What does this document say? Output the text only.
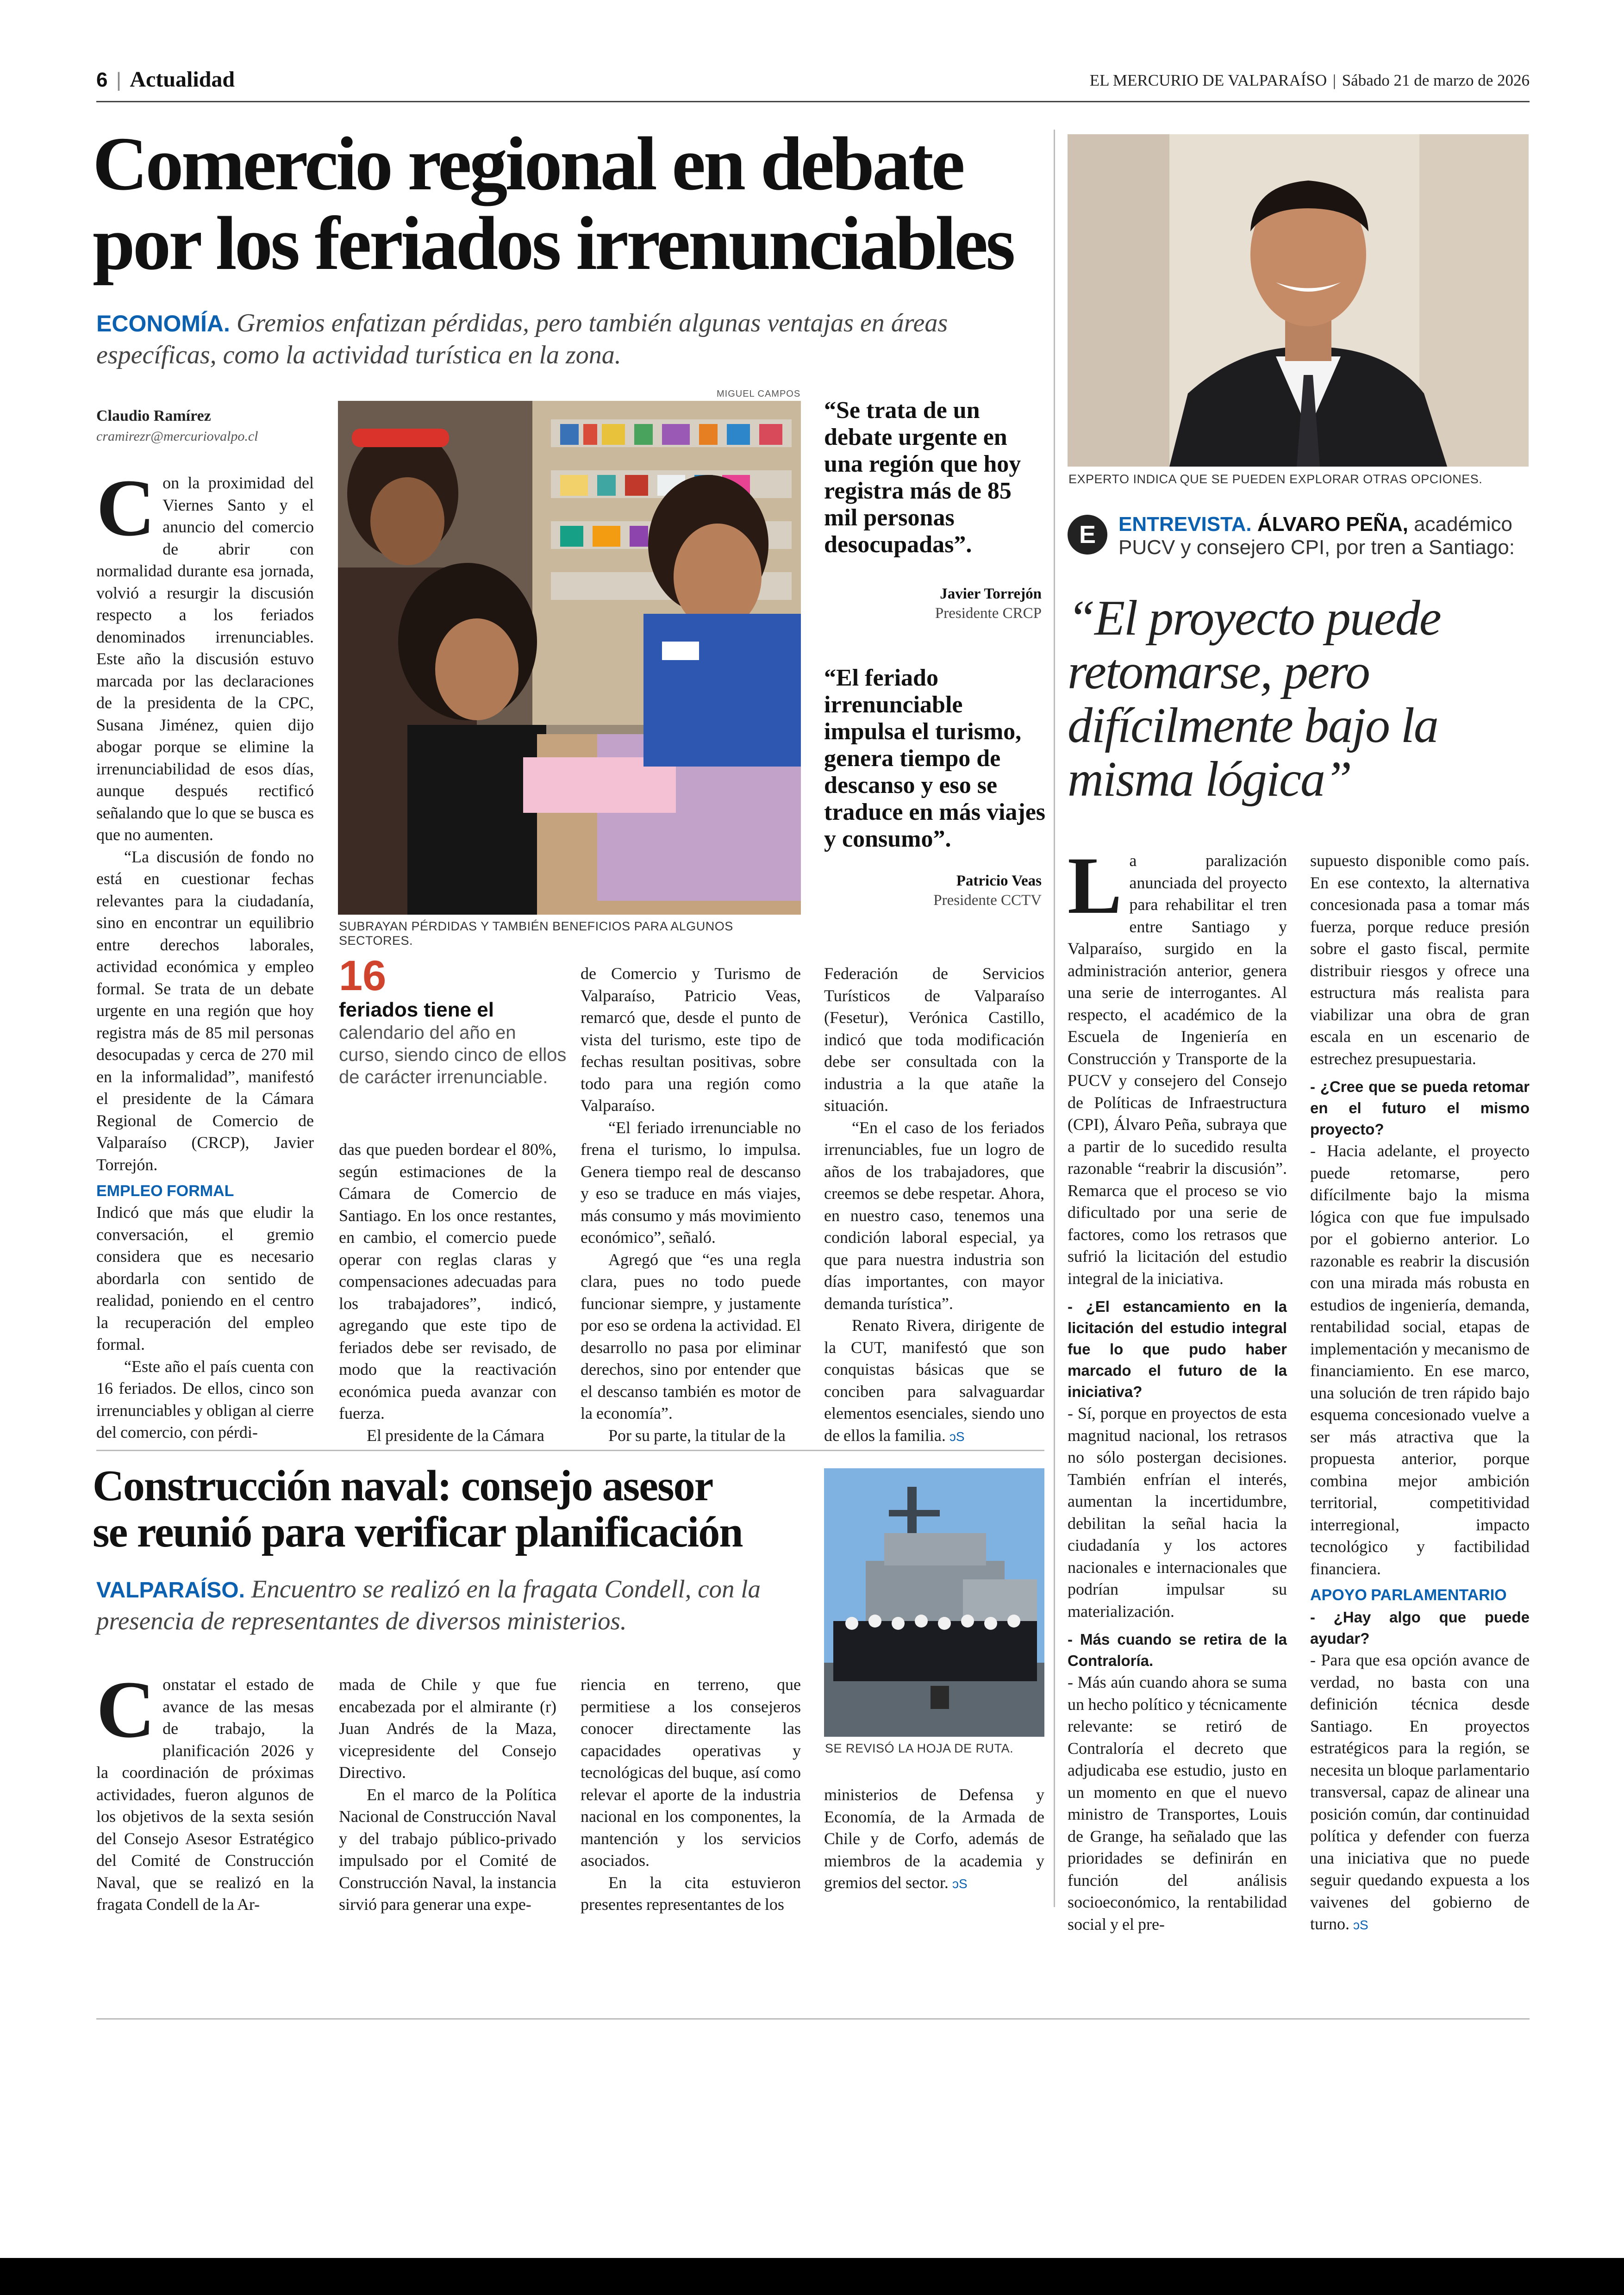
6 | Actualidad	EL MERCURIO DE VALPARAÍSO | Sábado 21 de marzo de 2026
Comercio regional en debate
por los feriados irrenunciables
ECONOMÍA. Gremios enfatizan pérdidas, pero también algunas ventajas en áreas específicas, como la actividad turística en la zona.
Claudio Ramírez
cramirezr@mercuriovalpo.cl

Con la proximidad del Viernes Santo y el anuncio del comercio de abrir con normalidad durante esa jornada, volvió a resurgir la discusión respecto a los feriados denominados irrenunciables. Este año la discusión estuvo marcada por las declaraciones de la presidenta de la CPC, Susana Jiménez, quien dijo abogar porque se elimine la irrenunciabilidad de esos días, aunque después rectificó señalando que lo que se busca es que no aumenten.

“La discusión de fondo no está en cuestionar fechas relevantes para la ciudadanía, sino en encontrar un equilibrio entre derechos laborales, actividad económica y empleo formal. Se trata de un debate urgente en una región que hoy registra más de 85 mil personas desocupadas y cerca de 270 mil en la informalidad”, manifestó el presidente de la Cámara Regional de Comercio de Valparaíso (CRCP), Javier Torrejón.

EMPLEO FORMAL

Indicó que más que eludir la conversación, el gremio considera que es necesario abordarla con sentido de realidad, poniendo en el centro la recuperación del empleo formal.

“Este año el país cuenta con 16 feriados. De ellos, cinco son irrenunciables y obligan al cierre del comercio, con pérdi-

MIGUEL CAMPOS
SUBRAYAN PÉRDIDAS Y TAMBIÉN BENEFICIOS PARA ALGUNOS SECTORES.
16
feriados tiene el calendario del año en curso, siendo cinco de ellos de carácter irrenunciable.

das que pueden bordear el 80%, según estimaciones de la Cámara de Comercio de Santiago. En los once restantes, en cambio, el comercio puede operar con reglas claras y compensaciones adecuadas para los trabajadores”, indicó, agregando que este tipo de feriados debe ser revisado, de modo que la reactivación económica pueda avanzar con fuerza.

El presidente de la Cámara

de Comercio y Turismo de Valparaíso, Patricio Veas, remarcó que, desde el punto de vista del turismo, este tipo de fechas resultan positivas, sobre todo para una región como Valparaíso.

“El feriado irrenunciable no frena el turismo, lo impulsa. Genera tiempo real de descanso y eso se traduce en más viajes, más consumo y más movimiento económico”, señaló.

Agregó que “es una regla clara, pues no todo puede funcionar siempre, y justamente por eso se ordena la actividad. El desarrollo no pasa por eliminar derechos, sino por entender que el descanso también es motor de la economía”.

Por su parte, la titular de la

“Se trata de un debate urgente en una región que hoy registra más de 85 mil personas desocupadas”.
Javier Torrejón
Presidente CRCP
“El feriado irrenunciable impulsa el turismo, genera tiempo de descanso y eso se traduce en más viajes y consumo”.
Patricio Veas
Presidente CCTV

Federación de Servicios Turísticos de Valparaíso (Fesetur), Verónica Castillo, indicó que toda modificación debe ser consultada con la industria a la que atañe la situación.

“En el caso de los feriados irrenunciables, fue un logro de años de los trabajadores, que creemos se debe respetar. Ahora, en nuestro caso, tenemos una condición laboral especial, ya que para nuestra industria son días importantes, con mayor demanda turística”.

Renato Rivera, dirigente de la CUT, manifestó que son conquistas básicas que se conciben para salvaguardar elementos esenciales, siendo uno de ellos la familia. ↄS

Construcción naval: consejo asesor
se reunió para verificar planificación
VALPARAÍSO. Encuentro se realizó en la fragata Condell, con la presencia de representantes de diversos ministerios.
SE REVISÓ LA HOJA DE RUTA.

Constatar el estado de avance de las mesas de trabajo, la planificación 2026 y la coordinación de próximas actividades, fueron algunos de los objetivos de la sexta sesión del Consejo Asesor Estratégico del Comité de Construcción Naval, que se realizó en la fragata Condell de la Ar-

mada de Chile y que fue encabezada por el almirante (r) Juan Andrés de la Maza, vicepresidente del Consejo Directivo.

En el marco de la Política Nacional de Construcción Naval y del trabajo público-privado impulsado por el Comité de Construcción Naval, la instancia sirvió para generar una expe-

riencia en terreno, que permitiese a los consejeros conocer directamente las capacidades operativas y tecnológicas del buque, así como relevar el aporte de la industria nacional en los componentes, la mantención y los servicios asociados.

En la cita estuvieron presentes representantes de los

ministerios de Defensa y Economía, de la Armada de Chile y de Corfo, además de miembros de la academia y gremios del sector. ↄS

EXPERTO INDICA QUE SE PUEDEN EXPLORAR OTRAS OPCIONES.
E	ENTREVISTA. ÁLVARO PEÑA, académico PUCV y consejero CPI, por tren a Santiago:
“El proyecto puede retomarse, pero difícilmente bajo la misma lógica”

La paralización anunciada del proyecto para rehabilitar el tren entre Santiago y Valparaíso, surgido en la administración anterior, genera una serie de interrogantes. Al respecto, el académico de la Escuela de Ingeniería en Construcción y Transporte de la PUCV y consejero del Consejo de Políticas de Infraestructura (CPI), Álvaro Peña, subraya que a partir de lo sucedido resulta razonable “reabrir la discusión”. Remarca que el proceso se vio dificultado por una serie de factores, como los retrasos que sufrió la licitación del estudio integral de la iniciativa.

- ¿El estancamiento en la licitación del estudio integral fue lo que pudo haber marcado el futuro de la iniciativa?

- Sí, porque en proyectos de esta magnitud nacional, los retrasos no sólo postergan decisiones. También enfrían el interés, aumentan la incertidumbre, debilitan la señal hacia la ciudadanía y los actores nacionales e internacionales que podrían impulsar su materialización.

- Más cuando se retira de la Contraloría.

- Más aún cuando ahora se suma un hecho político y técnicamente relevante: se retiró de Contraloría el decreto que adjudicaba ese estudio, justo en un momento en que el nuevo ministro de Transportes, Louis de Grange, ha señalado que las prioridades se definirán en función del análisis socioeconómico, la rentabilidad social y el pre-

supuesto disponible como país. En ese contexto, la alternativa concesionada pasa a tomar más fuerza, porque reduce presión sobre el gasto fiscal, permite distribuir riesgos y ofrece una estructura más realista para viabilizar una obra de gran escala en un escenario de estrechez presupuestaria.

- ¿Cree que se pueda retomar en el futuro el mismo proyecto?

- Hacia adelante, el proyecto puede retomarse, pero difícilmente bajo la misma lógica con que fue impulsado por el gobierno anterior. Lo razonable es reabrir la discusión con una mirada más robusta en estudios de ingeniería, demanda, rentabilidad social, etapas de implementación y mecanismo de financiamiento. En ese marco, una solución de tren rápido bajo esquema concesionado vuelve a ser más atractiva que la propuesta anterior, porque combina mejor ambición territorial, competitividad interregional, impacto tecnológico y factibilidad financiera.

APOYO PARLAMENTARIO
- ¿Hay algo que puede ayudar?

- Para que esa opción avance de verdad, no basta con una definición técnica desde Santiago. En proyectos estratégicos para la región, se necesita un bloque parlamentario transversal, capaz de alinear una posición común, dar continuidad política y defender con fuerza una iniciativa que no puede seguir quedando expuesta a los vaivenes del gobierno de turno. ↄS
